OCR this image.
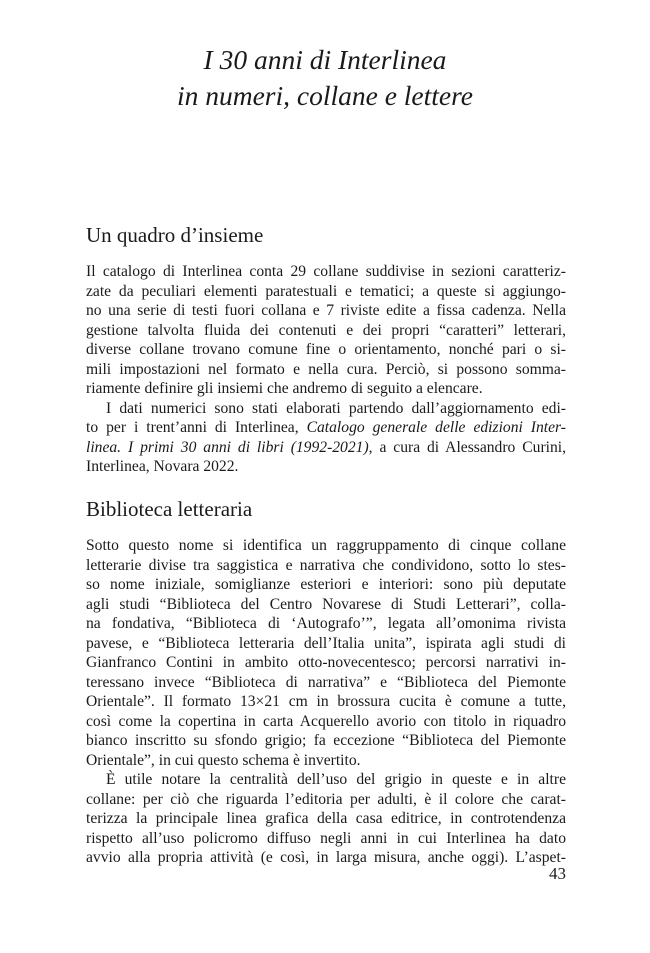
I 30 anni di Interlinea
in numeri, collane e lettere
Un quadro d’insieme
Il catalogo di Interlinea conta 29 collane suddivise in sezioni caratteriz-
zate da peculiari elementi paratestuali e tematici; a queste si aggiungo-
no una serie di testi fuori collana e 7 riviste edite a fissa cadenza. Nella
gestione talvolta fluida dei contenuti e dei propri “caratteri” letterari,
diverse collane trovano comune fine o orientamento, nonché pari o si-
mili impostazioni nel formato e nella cura. Perciò, si possono somma-
riamente definire gli insiemi che andremo di seguito a elencare.
I dati numerici sono stati elaborati partendo dall’aggiornamento edi-
to per i trent’anni di Interlinea, Catalogo generale delle edizioni Inter-
linea. I primi 30 anni di libri (1992-2021), a cura di Alessandro Curini,
Interlinea, Novara 2022.
Biblioteca letteraria
Sotto questo nome si identifica un raggruppamento di cinque collane
letterarie divise tra saggistica e narrativa che condividono, sotto lo stes-
so nome iniziale, somiglianze esteriori e interiori: sono più deputate
agli studi “Biblioteca del Centro Novarese di Studi Letterari”, colla-
na fondativa, “Biblioteca di ‘Autografo’”, legata all’omonima rivista
pavese, e “Biblioteca letteraria dell’Italia unita”, ispirata agli studi di
Gianfranco Contini in ambito otto-novecentesco; percorsi narrativi in-
teressano invece “Biblioteca di narrativa” e “Biblioteca del Piemonte
Orientale”. Il formato 13×21 cm in brossura cucita è comune a tutte,
così come la copertina in carta Acquerello avorio con titolo in riquadro
bianco inscritto su sfondo grigio; fa eccezione “Biblioteca del Piemonte
Orientale”, in cui questo schema è invertito.
È utile notare la centralità dell’uso del grigio in queste e in altre
collane: per ciò che riguarda l’editoria per adulti, è il colore che carat-
terizza la principale linea grafica della casa editrice, in controtendenza
rispetto all’uso policromo diffuso negli anni in cui Interlinea ha dato
avvio alla propria attività (e così, in larga misura, anche oggi). L’aspet-
43
